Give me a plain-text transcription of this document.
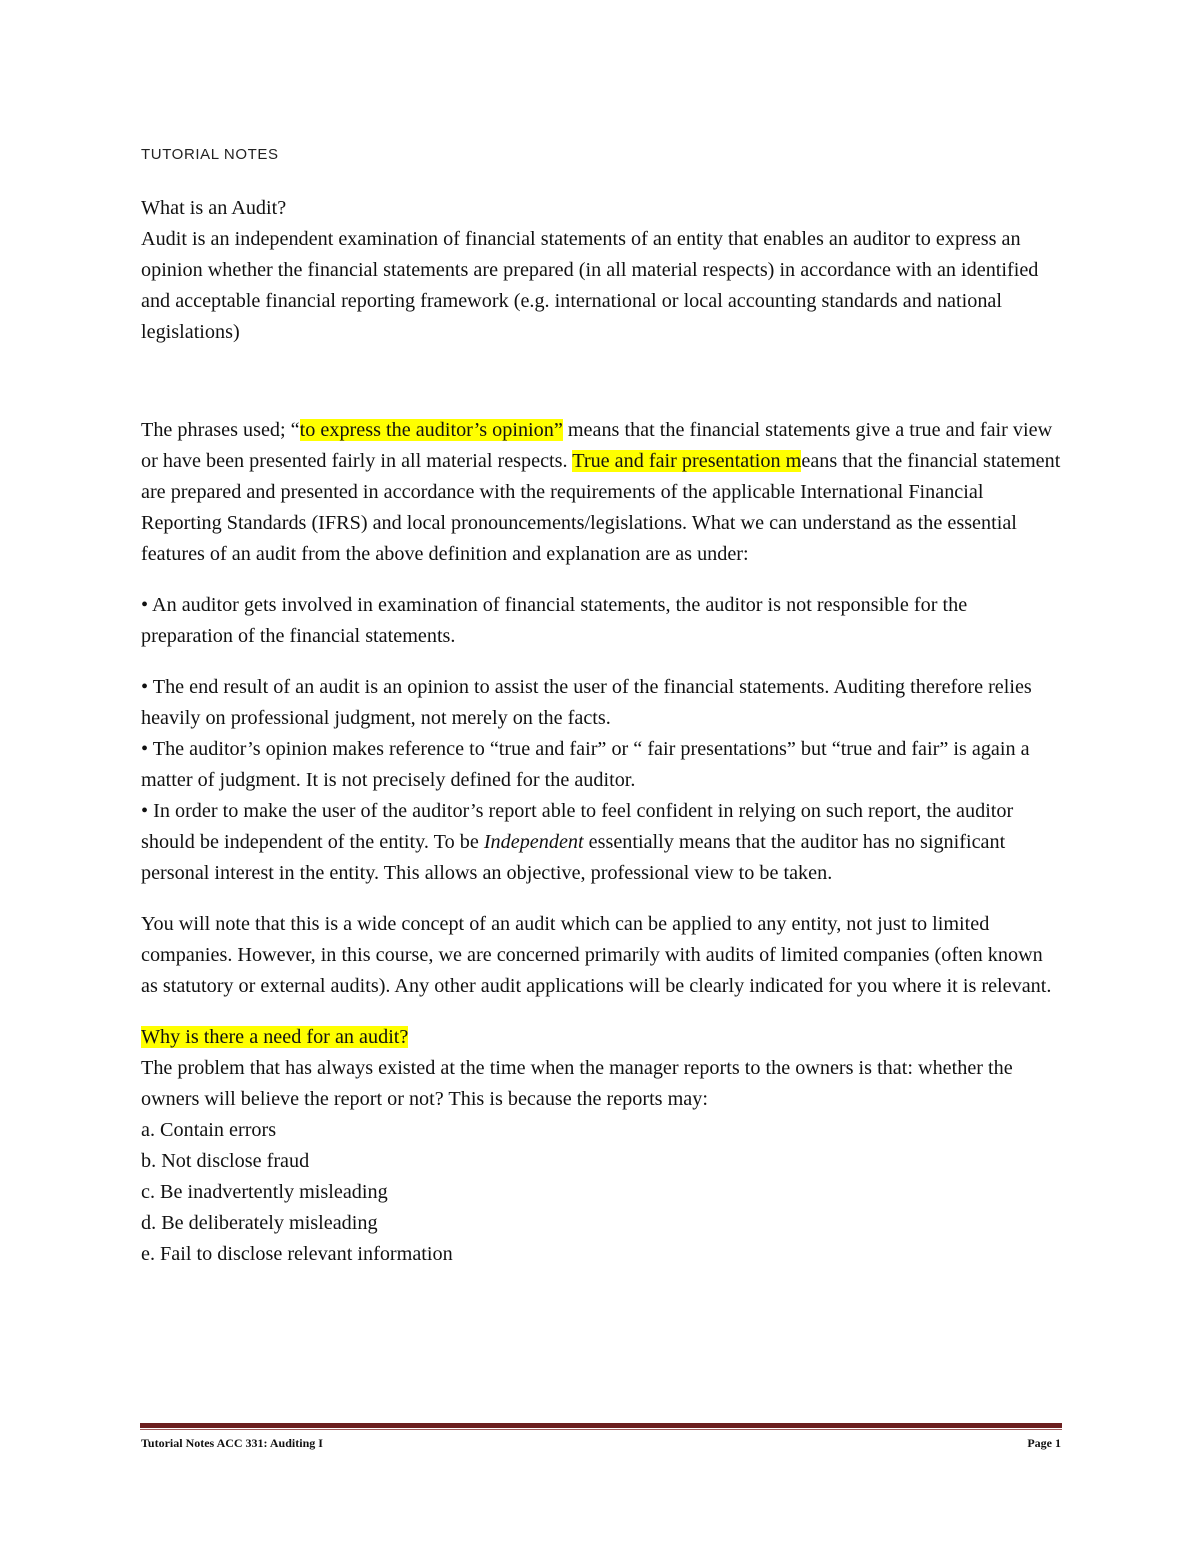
TUTORIAL NOTES

What is an Audit?

Audit is an independent examination of financial statements of an entity that enables an auditor to express an opinion whether the financial statements are prepared (in all material respects) in accordance with an identified and acceptable financial reporting framework (e.g. international or local accounting standards and national legislations)

The phrases used; “to express the auditor’s opinion” means that the financial statements give a true and fair view or have been presented fairly in all material respects. True and fair presentation means that the financial statement are prepared and presented in accordance with the requirements of the applicable International Financial Reporting Standards (IFRS) and local pronouncements/legislations. What we can understand as the essential features of an audit from the above definition and explanation are as under:

• An auditor gets involved in examination of financial statements, the auditor is not responsible for the preparation of the financial statements.

• The end result of an audit is an opinion to assist the user of the financial statements. Auditing therefore relies heavily on professional judgment, not merely on the facts.

• The auditor’s opinion makes reference to “true and fair” or “ fair presentations” but “true and fair” is again a matter of judgment. It is not precisely defined for the auditor.

• In order to make the user of the auditor’s report able to feel confident in relying on such report, the auditor should be independent of the entity. To be Independent essentially means that the auditor has no significant personal interest in the entity. This allows an objective, professional view to be taken.

You will note that this is a wide concept of an audit which can be applied to any entity, not just to limited companies. However, in this course, we are concerned primarily with audits of limited companies (often known as statutory or external audits). Any other audit applications will be clearly indicated for you where it is relevant.

Why is there a need for an audit?

The problem that has always existed at the time when the manager reports to the owners is that: whether the owners will believe the report or not? This is because the reports may:

a. Contain errors

b. Not disclose fraud

c. Be inadvertently misleading

d. Be deliberately misleading

e. Fail to disclose relevant information

Tutorial Notes ACC 331: Auditing I	Page 1
